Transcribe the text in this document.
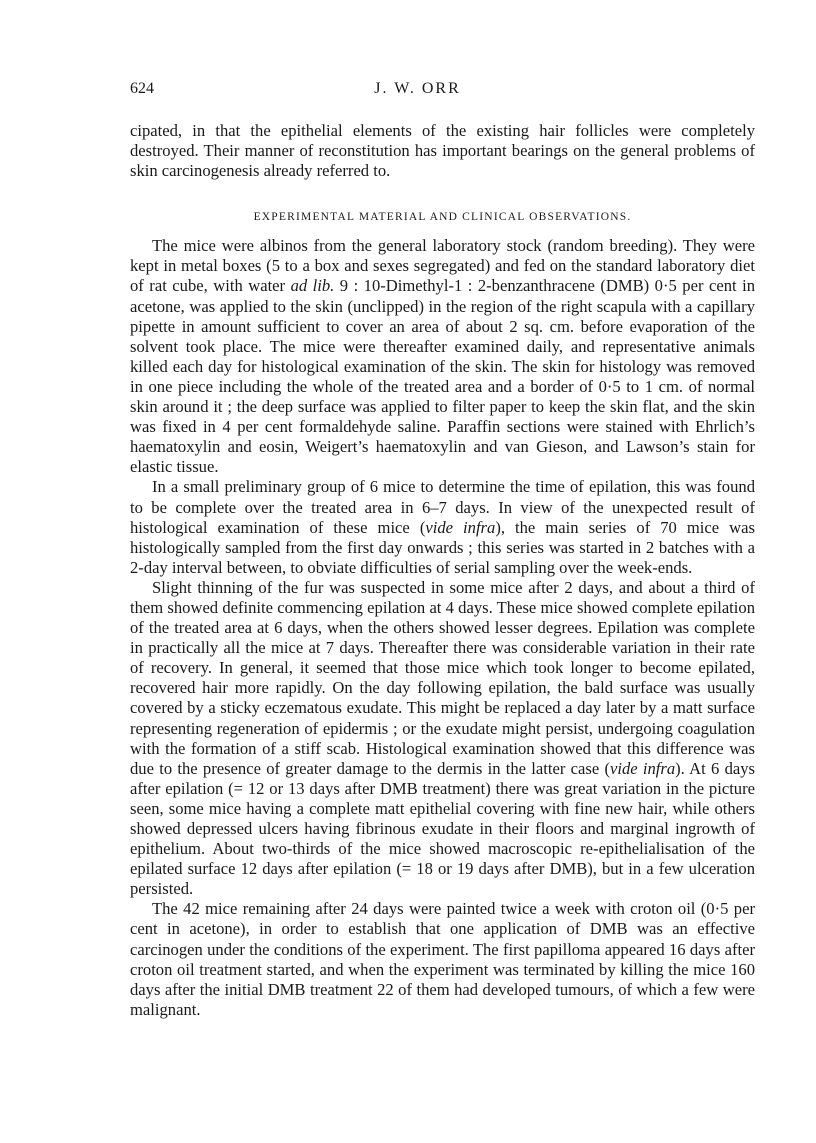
624	J. W. ORR

cipated, in that the epithelial elements of the existing hair follicles were completely destroyed. Their manner of reconstitution has important bearings on the general problems of skin carcinogenesis already referred to.

EXPERIMENTAL MATERIAL AND CLINICAL OBSERVATIONS.

The mice were albinos from the general laboratory stock (random breeding). They were kept in metal boxes (5 to a box and sexes segregated) and fed on the standard laboratory diet of rat cube, with water ad lib. 9 : 10-Dimethyl-1 : 2-benzanthracene (DMB) 0·5 per cent in acetone, was applied to the skin (unclipped) in the region of the right scapula with a capillary pipette in amount sufficient to cover an area of about 2 sq. cm. before evaporation of the solvent took place. The mice were thereafter examined daily, and representative animals killed each day for histological examination of the skin. The skin for histology was removed in one piece including the whole of the treated area and a border of 0·5 to 1 cm. of normal skin around it ; the deep surface was applied to filter paper to keep the skin flat, and the skin was fixed in 4 per cent formaldehyde saline. Paraffin sections were stained with Ehrlich’s haematoxylin and eosin, Weigert’s haematoxylin and van Gieson, and Lawson’s stain for elastic tissue.

In a small preliminary group of 6 mice to determine the time of epilation, this was found to be complete over the treated area in 6–7 days. In view of the unexpected result of histological examination of these mice (vide infra), the main series of 70 mice was histologically sampled from the first day onwards ; this series was started in 2 batches with a 2-day interval between, to obviate difficulties of serial sampling over the week-ends.

Slight thinning of the fur was suspected in some mice after 2 days, and about a third of them showed definite commencing epilation at 4 days. These mice showed complete epilation of the treated area at 6 days, when the others showed lesser degrees. Epilation was complete in practically all the mice at 7 days. Thereafter there was considerable variation in their rate of recovery. In general, it seemed that those mice which took longer to become epilated, recovered hair more rapidly. On the day following epilation, the bald surface was usually covered by a sticky eczematous exudate. This might be replaced a day later by a matt surface representing regeneration of epidermis ; or the exudate might persist, undergoing coagulation with the formation of a stiff scab. Histological examination showed that this difference was due to the presence of greater damage to the dermis in the latter case (vide infra). At 6 days after epilation (= 12 or 13 days after DMB treatment) there was great variation in the picture seen, some mice having a complete matt epithelial covering with fine new hair, while others showed depressed ulcers having fibrinous exudate in their floors and marginal ingrowth of epithelium. About two-thirds of the mice showed macroscopic re-epithelialisation of the epilated surface 12 days after epilation (= 18 or 19 days after DMB), but in a few ulceration persisted.

The 42 mice remaining after 24 days were painted twice a week with croton oil (0·5 per cent in acetone), in order to establish that one application of DMB was an effective carcinogen under the conditions of the experiment. The first papilloma appeared 16 days after croton oil treatment started, and when the experiment was terminated by killing the mice 160 days after the initial DMB treatment 22 of them had developed tumours, of which a few were malignant.
